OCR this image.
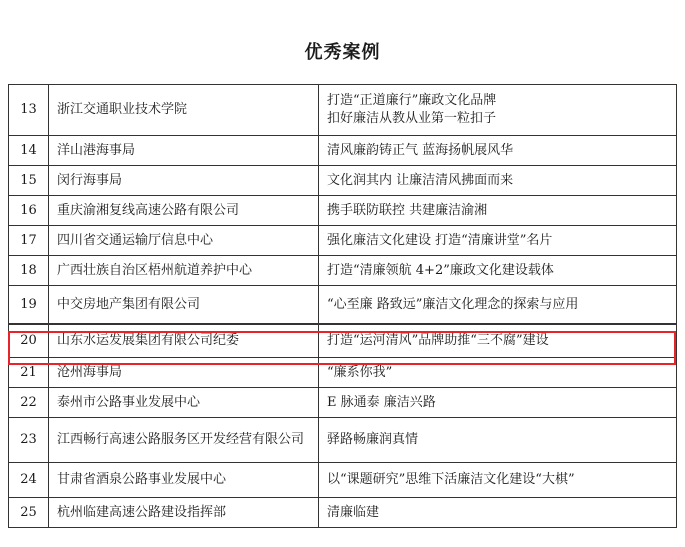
优秀案例
13	浙江交通职业技术学院	打造“正道廉行”廉政文化品牌
扣好廉洁从教从业第一粒扣子

14	洋山港海事局	清风廉韵铸正气 蓝海扬帆展风华
15	闵行海事局	文化润其内 让廉洁清风拂面而来
16	重庆渝湘复线高速公路有限公司	携手联防联控 共建廉洁渝湘
17	四川省交通运输厅信息中心	强化廉洁文化建设 打造“清廉讲堂”名片
18	广西壮族自治区梧州航道养护中心	打造“清廉领航 4+2”廉政文化建设载体
19	中交房地产集团有限公司	“心至廉 路致远”廉洁文化理念的探索与应用
20	山东水运发展集团有限公司纪委	打造“运河清风”品牌助推“三不腐”建设
21	沧州海事局	“廉系你我”
22	泰州市公路事业发展中心	E 脉通泰 廉洁兴路
23	江西畅行高速公路服务区开发经营有限公司	驿路畅廉润真情
24	甘肃省酒泉公路事业发展中心	以“课题研究”思维下活廉洁文化建设“大棋”
25	杭州临建高速公路建设指挥部	清廉临建
